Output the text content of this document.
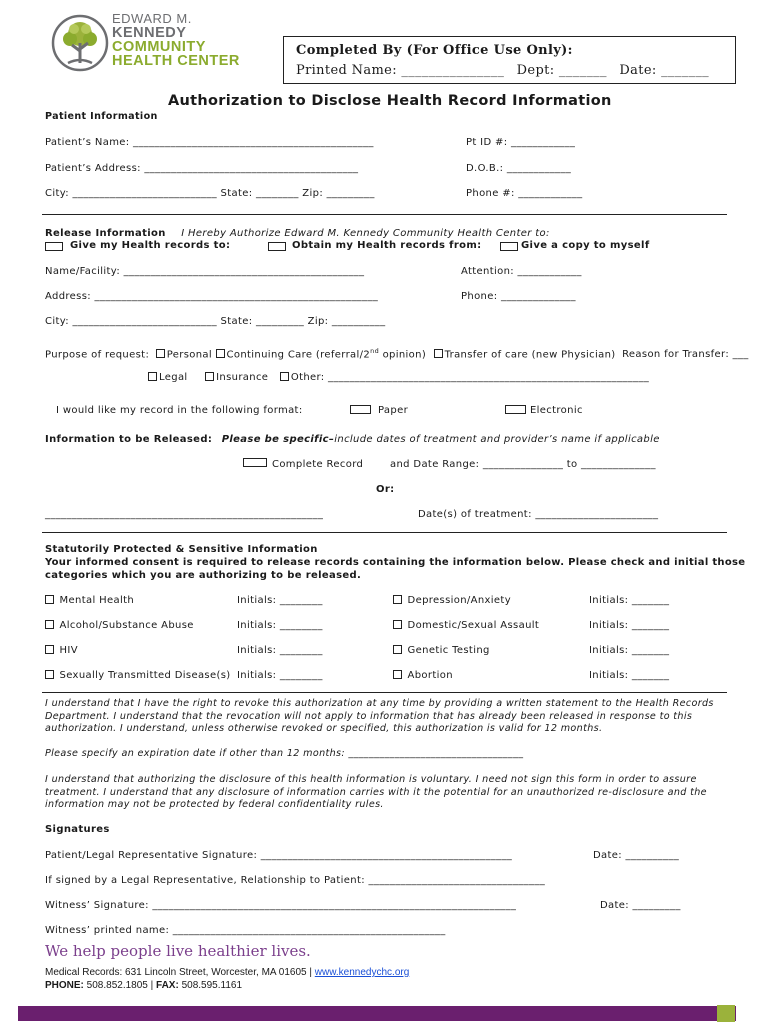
EDWARD M.
KENNEDY
COMMUNITY
HEALTH CENTER
Completed By (For Office Use Only):
Printed Name: _______________ Dept: _______ Date: _______
Authorization to Disclose Health Record Information
Patient Information
Patient’s Name: _____________________________________________	Pt ID #: ____________
Patient’s Address: ________________________________________	D.O.B.: ____________
City: ___________________________ State: ________ Zip: _________	Phone #: ____________
Release Information I Hereby Authorize Edward M. Kennedy Community Health Center to:
Give my Health records to:	Obtain my Health records from:	Give a copy to myself
Name/Facility: _____________________________________________	Attention: ____________
Address: _____________________________________________________	Phone: ______________
City: ___________________________ State: _________ Zip: __________
Purpose of request: Personal Continuing Care (referral/2nd opinion) Transfer of care (new Physician) Reason for Transfer: ___
Legal	Insurance Other: ____________________________________________________________
I would like my record in the following format:	Paper	Electronic
Information to be Released: Please be specific–include dates of treatment and provider’s name if applicable
Complete Record	and Date Range: _______________ to ______________
Or:
____________________________________________________	Date(s) of treatment: _______________________
Statutorily Protected & Sensitive Information
Your informed consent is required to release records containing the information below. Please check and initial those
categories which you are authorizing to be released.
Mental Health	Initials: ________	Depression/Anxiety	Initials: _______
Alcohol/Substance Abuse	Initials: ________	Domestic/Sexual Assault	Initials: _______
HIV	Initials: ________	Genetic Testing	Initials: _______
Sexually Transmitted Disease(s) Initials: ________	Abortion	Initials: _______
I understand that I have the right to revoke this authorization at any time by providing a written statement to the Health Records Department. I understand that the revocation will not apply to information that has already been released in response to this authorization. I understand, unless otherwise revoked or specified, this authorization is valid for 12 months.
Please specify an expiration date if other than 12 months: __________________________________
I understand that authorizing the disclosure of this health information is voluntary. I need not sign this form in order to assure treatment. I understand that any disclosure of information carries with it the potential for an unauthorized re-disclosure and the information may not be protected by federal confidentiality rules.
Signatures
Patient/Legal Representative Signature: _______________________________________________	Date: __________
If signed by a Legal Representative, Relationship to Patient: _________________________________
Witness’ Signature: ____________________________________________________________________	Date: _________
Witness’ printed name: ___________________________________________________
We help people live healthier lives.
Medical Records: 631 Lincoln Street, Worcester, MA 01605 | www.kennedychc.org
PHONE: 508.852.1805 | FAX: 508.595.1161
